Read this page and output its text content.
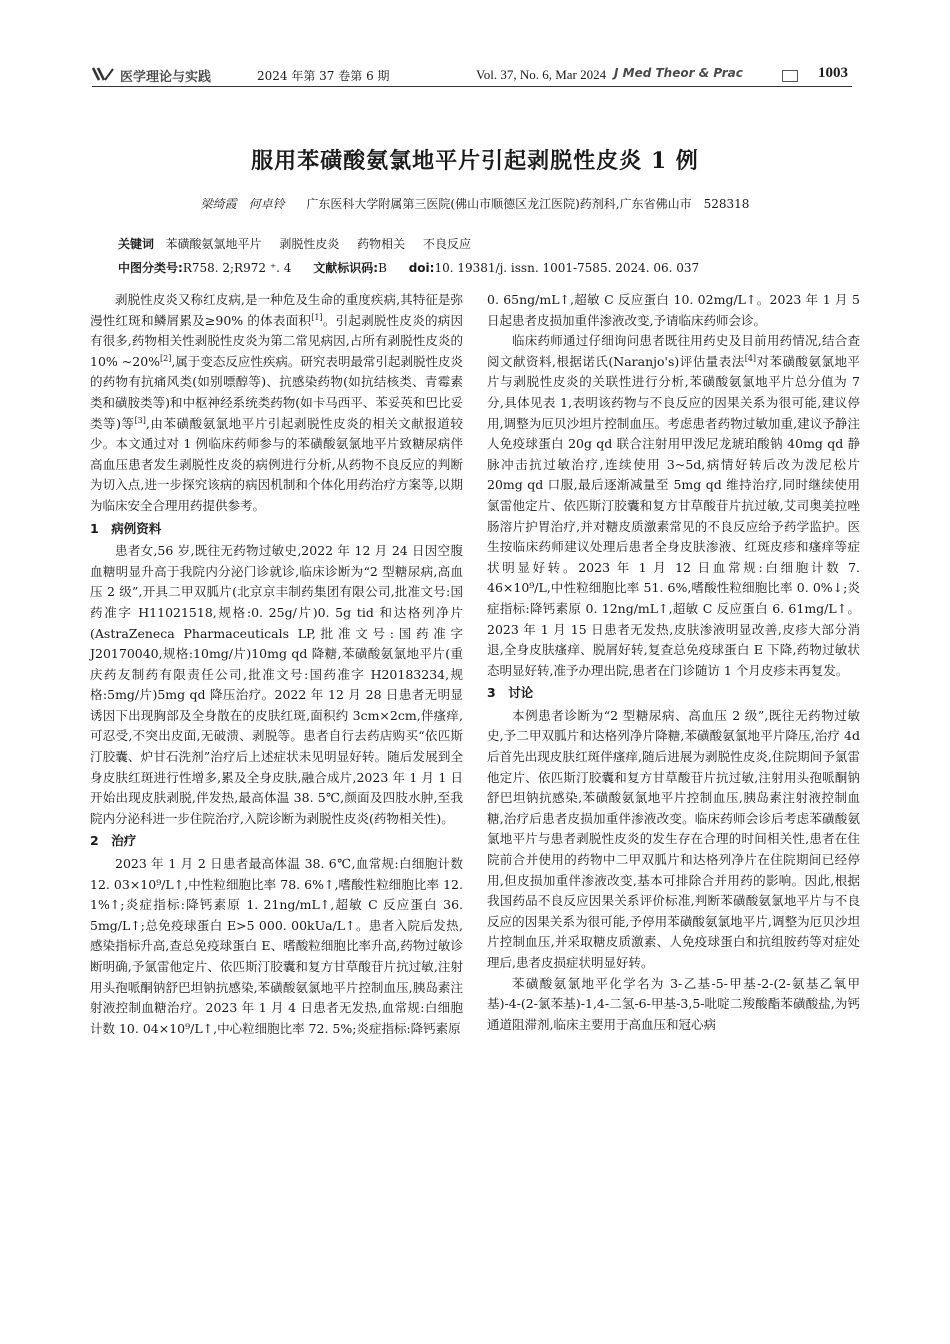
医学理论与实践	2024 年第 37 卷第 6 期	Vol. 37, No. 6, Mar 2024 J Med Theor & Prac	1003
服用苯磺酸氨氯地平片引起剥脱性皮炎 1 例
梁绮霞　何卓铃 广东医科大学附属第三医院(佛山市顺德区龙江医院)药剂科,广东省佛山市　528318
关键词 苯磺酸氨氯地平片 剥脱性皮炎 药物相关 不良反应
中图分类号:R758. 2;R972 ⁺. 4 文献标识码:B doi:10. 19381/j. issn. 1001-7585. 2024. 06. 037

剥脱性皮炎又称红皮病,是一种危及生命的重度疾病,其特征是弥漫性红斑和鳞屑累及≥90% 的体表面积[1]。引起剥脱性皮炎的病因有很多,药物相关性剥脱性皮炎为第二常见病因,占所有剥脱性皮炎的 10% ~20%[2],属于变态反应性疾病。研究表明最常引起剥脱性皮炎的药物有抗痛风类(如别嘌醇等)、抗感染药物(如抗结核类、青霉素类和磺胺类等)和中枢神经系统类药物(如卡马西平、苯妥英和巴比妥类等)等[3],由苯磺酸氨氯地平片引起剥脱性皮炎的相关文献报道较少。本文通过对 1 例临床药师参与的苯磺酸氨氯地平片致糖尿病伴高血压患者发生剥脱性皮炎的病例进行分析,从药物不良反应的判断为切入点,进一步探究该病的病因机制和个体化用药治疗方案等,以期为临床安全合理用药提供参考。

1　病例资料

患者女,56 岁,既往无药物过敏史,2022 年 12 月 24 日因空腹血糖明显升高于我院内分泌门诊就诊,临床诊断为“2 型糖尿病,高血压 2 级”,开具二甲双胍片(北京京丰制药集团有限公司,批准文号:国药准字 H11021518,规格:0. 25g/片)0. 5g tid 和达格列净片(AstraZeneca Pharmaceuticals LP,批准文号:国药准字 J20170040,规格:10mg/片)10mg qd 降糖,苯磺酸氨氯地平片(重庆药友制药有限责任公司,批准文号:国药准字 H20183234,规格:5mg/片)5mg qd 降压治疗。2022 年 12 月 28 日患者无明显诱因下出现胸部及全身散在的皮肤红斑,面积约 3cm×2cm,伴瘙痒,可忍受,不突出皮面,无破溃、剥脱等。患者自行去药店购买“依匹斯汀胶囊、炉甘石洗剂”治疗后上述症状未见明显好转。随后发展到全身皮肤红斑进行性增多,累及全身皮肤,融合成片,2023 年 1 月 1 日开始出现皮肤剥脱,伴发热,最高体温 38. 5℃,颜面及四肢水肿,至我院内分泌科进一步住院治疗,入院诊断为剥脱性皮炎(药物相关性)。

2　治疗

2023 年 1 月 2 日患者最高体温 38. 6℃,血常规:白细胞计数 12. 03×10⁹/L↑,中性粒细胞比率 78. 6%↑,嗜酸性粒细胞比率 12. 1%↑;炎症指标:降钙素原 1. 21ng/mL↑,超敏 C 反应蛋白 36. 5mg/L↑;总免疫球蛋白 E>5 000. 00kUa/L↑。患者入院后发热,感染指标升高,查总免疫球蛋白 E、嗜酸粒细胞比率升高,药物过敏诊断明确,予氯雷他定片、依匹斯汀胶囊和复方甘草酸苷片抗过敏,注射用头孢哌酮钠舒巴坦钠抗感染,苯磺酸氨氯地平片控制血压,胰岛素注射液控制血糖治疗。2023 年 1 月 4 日患者无发热,血常规:白细胞计数 10. 04×10⁹/L↑,中心粒细胞比率 72. 5%;炎症指标:降钙素原

0. 65ng/mL↑,超敏 C 反应蛋白 10. 02mg/L↑。2023 年 1 月 5 日起患者皮损加重伴渗液改变,予请临床药师会诊。

临床药师通过仔细询问患者既往用药史及目前用药情况,结合查阅文献资料,根据诺氏(Naranjo's)评估量表法[4]对苯磺酸氨氯地平片与剥脱性皮炎的关联性进行分析,苯磺酸氨氯地平片总分值为 7 分,具体见表 1,表明该药物与不良反应的因果关系为很可能,建议停用,调整为厄贝沙坦片控制血压。考虑患者药物过敏加重,建议予静注人免疫球蛋白 20g qd 联合注射用甲泼尼龙琥珀酸钠 40mg qd 静脉冲击抗过敏治疗,连续使用 3~5d,病情好转后改为泼尼松片 20mg qd 口服,最后逐渐减量至 5mg qd 维持治疗,同时继续使用氯雷他定片、依匹斯汀胶囊和复方甘草酸苷片抗过敏,艾司奥美拉唑肠溶片护胃治疗,并对糖皮质激素常见的不良反应给予药学监护。医生按临床药师建议处理后患者全身皮肤渗液、红斑皮疹和瘙痒等症状明显好转。2023 年 1 月 12 日血常规:白细胞计数 7. 46×10⁹/L,中性粒细胞比率 51. 6%,嗜酸性粒细胞比率 0. 0%↓;炎症指标:降钙素原 0. 12ng/mL↑,超敏 C 反应蛋白 6. 61mg/L↑。2023 年 1 月 15 日患者无发热,皮肤渗液明显改善,皮疹大部分消退,全身皮肤瘙痒、脱屑好转,复查总免疫球蛋白 E 下降,药物过敏状态明显好转,准予办理出院,患者在门诊随访 1 个月皮疹未再复发。

3　讨论

本例患者诊断为“2 型糖尿病、高血压 2 级”,既往无药物过敏史,予二甲双胍片和达格列净片降糖,苯磺酸氨氯地平片降压,治疗 4d 后首先出现皮肤红斑伴瘙痒,随后进展为剥脱性皮炎,住院期间予氯雷他定片、依匹斯汀胶囊和复方甘草酸苷片抗过敏,注射用头孢哌酮钠舒巴坦钠抗感染,苯磺酸氨氯地平片控制血压,胰岛素注射液控制血糖,治疗后患者皮损加重伴渗液改变。临床药师会诊后考虑苯磺酸氨氯地平片与患者剥脱性皮炎的发生存在合理的时间相关性,患者在住院前合并使用的药物中二甲双胍片和达格列净片在住院期间已经停用,但皮损加重伴渗液改变,基本可排除合并用药的影响。因此,根据我国药品不良反应因果关系评价标准,判断苯磺酸氨氯地平片与不良反应的因果关系为很可能,予停用苯磺酸氨氯地平片,调整为厄贝沙坦片控制血压,并采取糖皮质激素、人免疫球蛋白和抗组胺药等对症处理后,患者皮损症状明显好转。

苯磺酸氨氯地平化学名为 3-乙基-5-甲基-2-(2-氨基乙氧甲基)-4-(2-氯苯基)-1,4-二氢-6-甲基-3,5-吡啶二羧酸酯苯磺酸盐,为钙通道阻滞剂,临床主要用于高血压和冠心病
